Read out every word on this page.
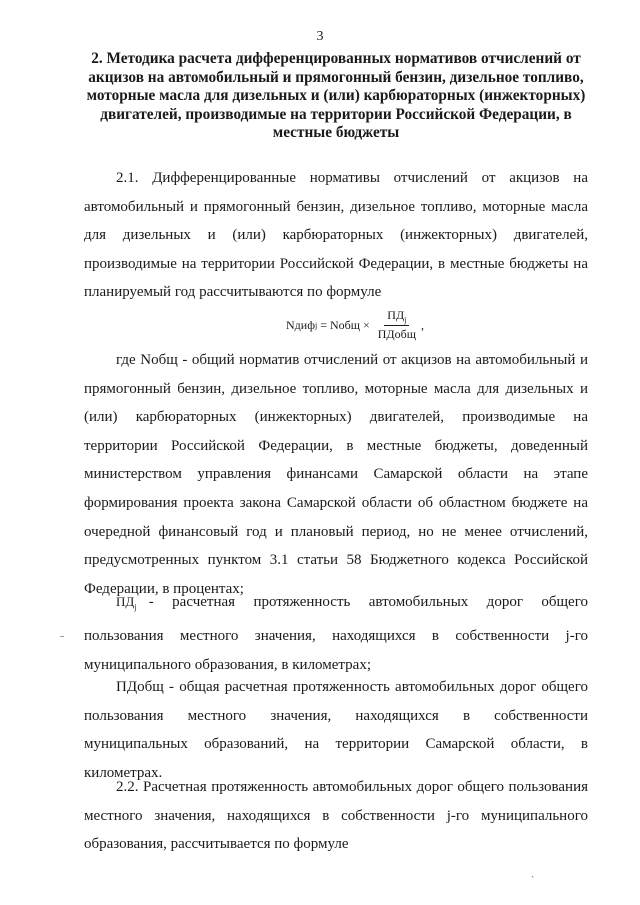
3
2. Методика расчета дифференцированных нормативов отчислений от
акцизов на автомобильный и прямогонный бензин, дизельное топливо,
моторные масла для дизельных и (или) карбюраторных (инжекторных)
двигателей, производимые на территории Российской Федерации, в
местные бюджеты
2.1. Дифференцированные нормативы отчислений от акцизов на
автомобильный и прямогонный бензин, дизельное топливо, моторные масла
для дизельных и (или) карбюраторных (инжекторных) двигателей,
производимые на территории Российской Федерации, в местные бюджеты на
планируемый год рассчитываются по формуле
Nдиф j = Nобщ × $\frac{ПД_j}{\text{ПДобщ}}$ ,
где Nобщ - общий норматив отчислений от акцизов на автомобильный и
прямогонный бензин, дизельное топливо, моторные масла для дизельных и
(или) карбюраторных (инжекторных) двигателей, производимые на
территории Российской Федерации, в местные бюджеты, доведенный
министерством управления финансами Самарской области на этапе
формирования проекта закона Самарской области об областном бюджете на
очередной финансовый год и плановый период, но не менее отчислений,
предусмотренных пунктом 3.1 статьи 58 Бюджетного кодекса Российской
Федерации, в процентах;
$ПД_j$ -   расчетная   протяженность   автомобильных   дорог   общего
пользования местного значения, находящихся в собственности j-го
муниципального образования, в километрах;
ПДобщ - общая расчетная протяженность автомобильных дорог общего
пользования местного значения, находящихся в собственности
муниципальных образований, на территории Самарской области, в
километрах.
2.2. Расчетная протяженность автомобильных дорог общего пользования
местного значения, находящихся в собственности j-го муниципального
образования, рассчитывается по формуле
ˎ
